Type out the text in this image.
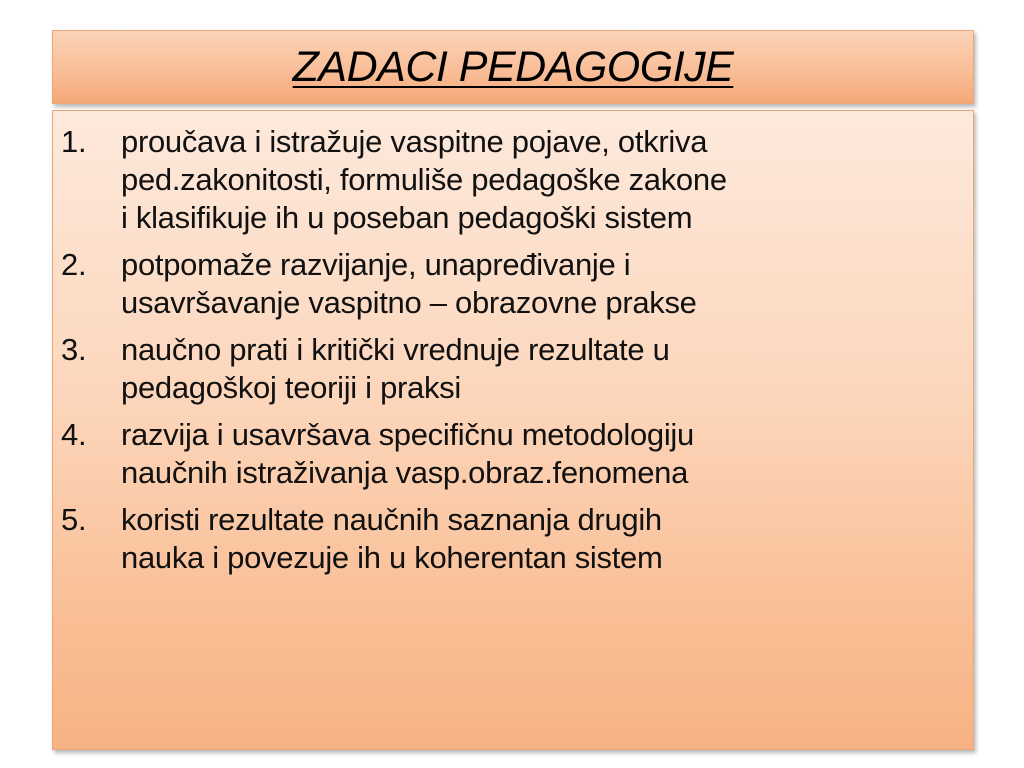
ZADACI PEDAGOGIJE
1.	proučava i istražuje vaspitne pojave, otkriva
ped.zakonitosti, formuliše pedagoške zakone
i klasifikuje ih u poseban pedagoški sistem
2.	potpomaže razvijanje, unapređivanje i
usavršavanje vaspitno – obrazovne prakse
3.	naučno prati i kritički vrednuje rezultate u
pedagoškoj teoriji i praksi
4.	razvija i usavršava specifičnu metodologiju
naučnih istraživanja vasp.obraz.fenomena
5.	koristi rezultate naučnih saznanja drugih
nauka i povezuje ih u koherentan sistem
